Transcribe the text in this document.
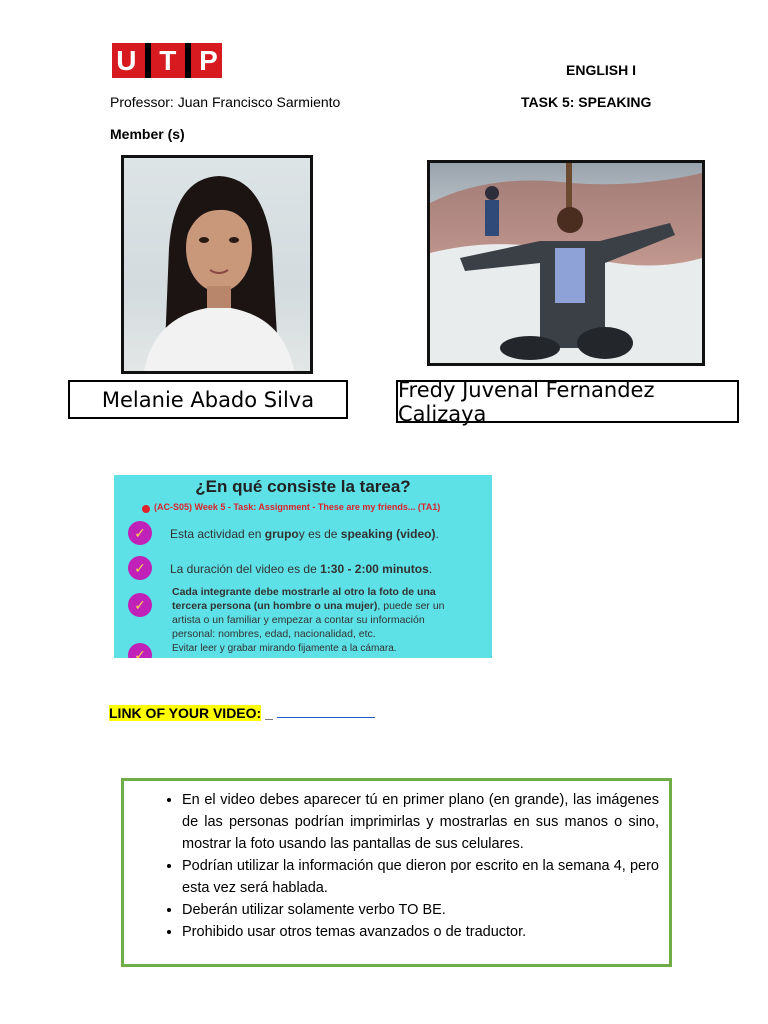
U T P	ENGLISH I
Professor: Juan Francisco Sarmiento	TASK 5: SPEAKING
Member (s)
Melanie Abado Silva	Fredy Juvenal Fernandez Calizaya
¿En qué consiste la tarea?
(AC-S05) Week 5 - Task: Assignment - These are my friends... (TA1)
✓	Esta actividad en grupoy es de speaking (video).
✓	La duración del video es de 1:30 - 2:00 minutos.
✓
Cada integrante debe mostrarle al otro la foto de una
tercera persona (un hombre o una mujer), puede ser un
artista o un familiar y empezar a contar su información
personal: nombres, edad, nacionalidad, etc.
✓	Evitar leer y grabar mirando fijamente a la cámara.
LINK OF YOUR VIDEO: _
• En el video debes aparecer tú en primer plano (en grande), las imágenes de las personas podrían imprimirlas y mostrarlas en sus manos o sino, mostrar la foto usando las pantallas de sus celulares.
• Podrían utilizar la información que dieron por escrito en la semana 4, pero esta vez será hablada.
• Deberán utilizar solamente verbo TO BE.
• Prohibido usar otros temas avanzados o de traductor.
